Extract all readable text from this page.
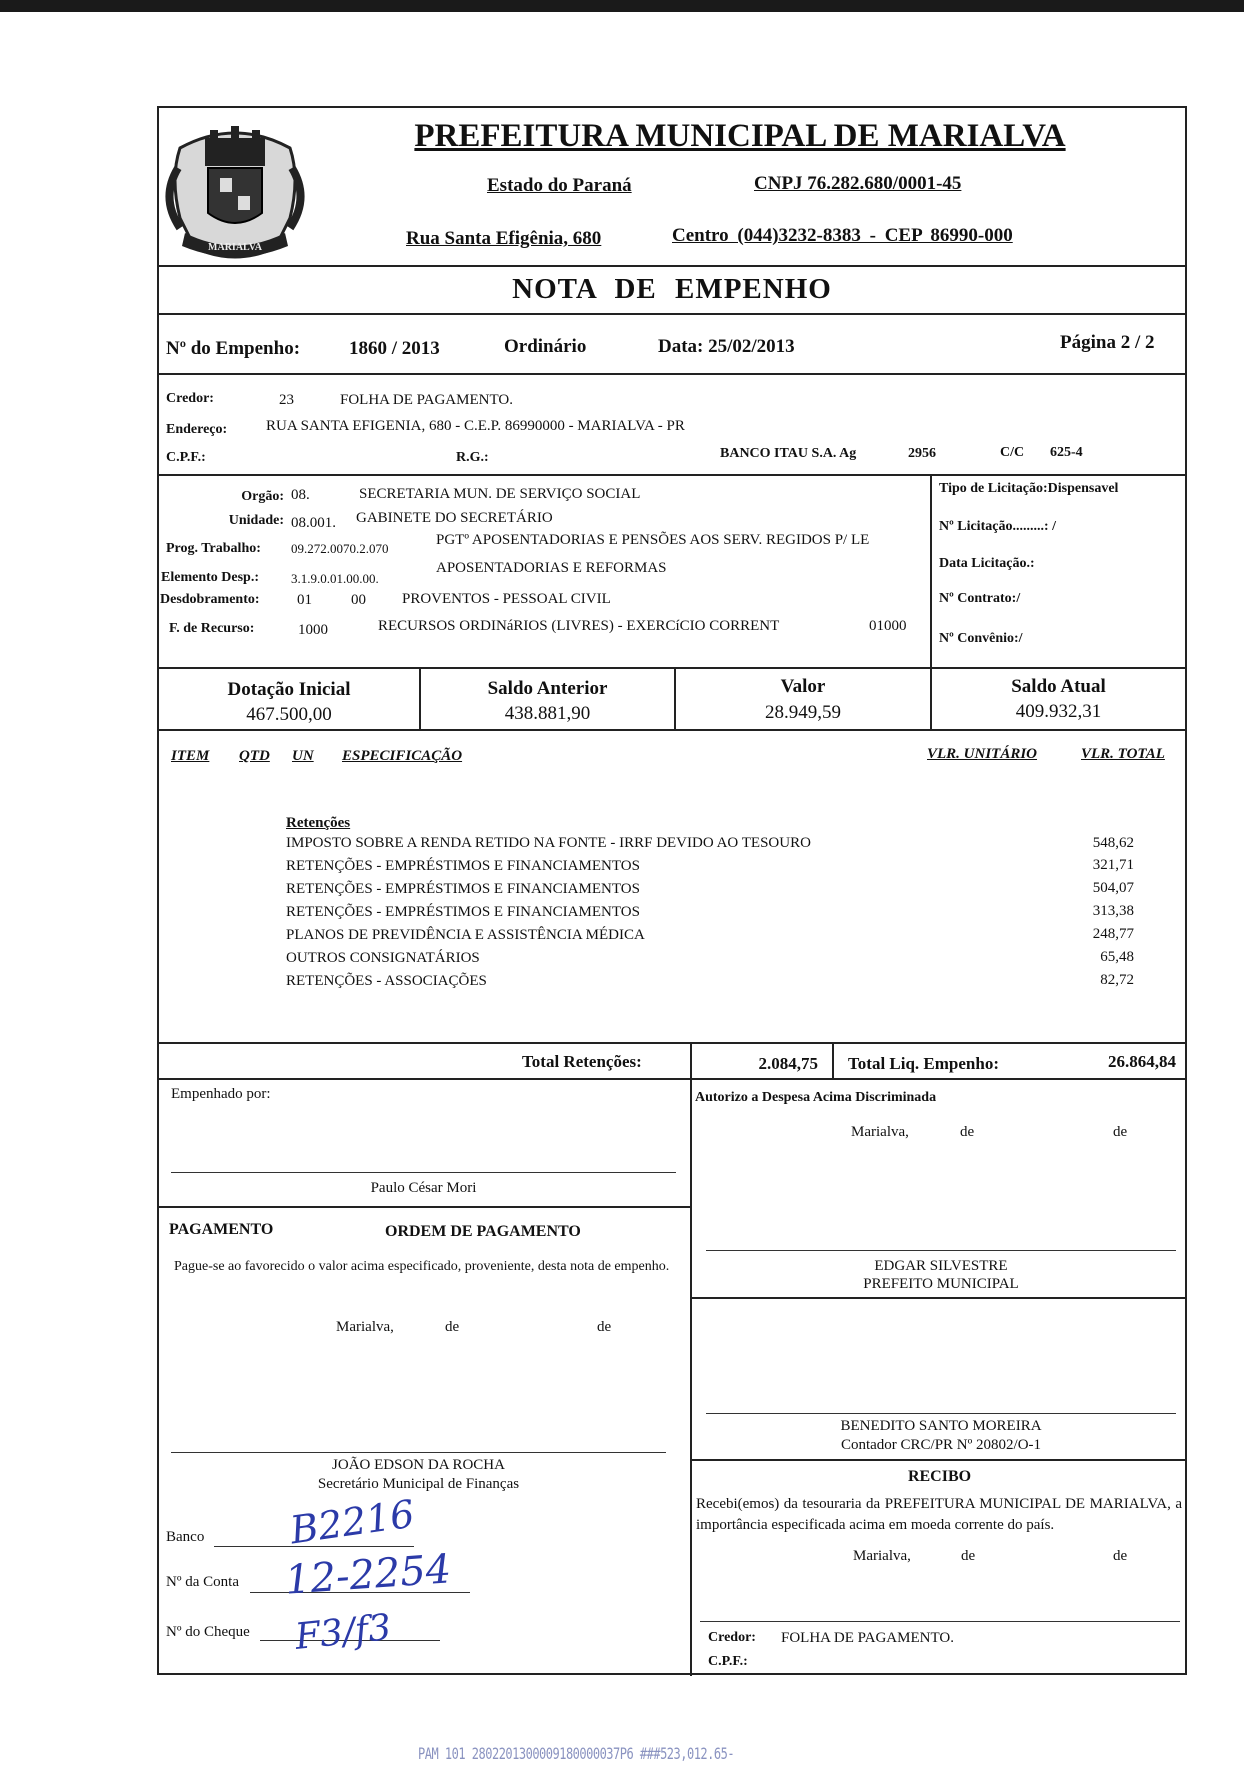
MARIALVA
PREFEITURA MUNICIPAL DE MARIALVA
Estado do Paraná	CNPJ 76.282.680/0001-45
Rua Santa Efigênia, 680	Centro (044)3232-8383 - CEP 86990-000
NOTA DE EMPENHO
Nº do Empenho:	1860 / 2013	Ordinário	Data: 25/02/2013	Página 2 / 2
Credor:	23	FOLHA DE PAGAMENTO.
Endereço:	RUA SANTA EFIGENIA, 680 - C.E.P. 86990000 - MARIALVA - PR
C.P.F.:	R.G.:	BANCO ITAU S.A. Ag	2956	C/C 625-4
Orgão: 08.	SECRETARIA MUN. DE SERVIÇO SOCIAL
Unidade: 08.001. GABINETE DO SECRETÁRIO
Prog. Trabalho: 09.272.0070.2.070
PGTº APOSENTADORIAS E PENSÕES AOS SERV. REGIDOS P/ LE
Elemento Desp.: 3.1.9.0.01.00.00.
APOSENTADORIAS E REFORMAS
Desdobramento: 01	00 PROVENTOS - PESSOAL CIVIL
F. de Recurso:	1000	RECURSOS ORDINáRIOS (LIVRES) - EXERCíCIO CORRENT	01000
Tipo de Licitação:Dispensavel
Nº Licitação.........: /
Data Licitação.:
Nº Contrato:/
Nº Convênio:/
Dotação Inicial
467.500,00
Saldo Anterior
438.881,90
Valor
28.949,59
Saldo Atual
409.932,31
ITEM QTD UN ESPECIFICAÇÃO	VLR. UNITÁRIO	VLR. TOTAL
Retenções
IMPOSTO SOBRE A RENDA RETIDO NA FONTE - IRRF DEVIDO AO TESOURO	548,62
RETENÇÕES - EMPRÉSTIMOS E FINANCIAMENTOS	321,71
RETENÇÕES - EMPRÉSTIMOS E FINANCIAMENTOS	504,07
RETENÇÕES - EMPRÉSTIMOS E FINANCIAMENTOS	313,38
PLANOS DE PREVIDÊNCIA E ASSISTÊNCIA MÉDICA	248,77
OUTROS CONSIGNATÁRIOS	65,48
RETENÇÕES - ASSOCIAÇÕES	82,72
Total Retenções:	2.084,75 Total Liq. Empenho:	26.864,84
Empenhado por:
Paulo César Mori
Autorizo a Despesa Acima Discriminada
Marialva,	de	de
EDGAR SILVESTRE
PREFEITO MUNICIPAL
BENEDITO SANTO MOREIRA
Contador CRC/PR Nº 20802/O-1
PAGAMENTO	ORDEM DE PAGAMENTO
Pague-se ao favorecido o valor acima especificado, proveniente, desta nota de empenho.
Marialva,	de	de
JOÃO EDSON DA ROCHA
Secretário Municipal de Finanças
Banco B2216
Nº da Conta 12-2254
Nº do Cheque F3/f3
RECIBO
Recebi(emos) da tesouraria da PREFEITURA MUNICIPAL DE MARIALVA, a importância especificada acima em moeda corrente do país.
Marialva,	de	de
Credor: FOLHA DE PAGAMENTO.
C.P.F.:
PAM 101 2802201300009180000037P6 ###523,012.65-
